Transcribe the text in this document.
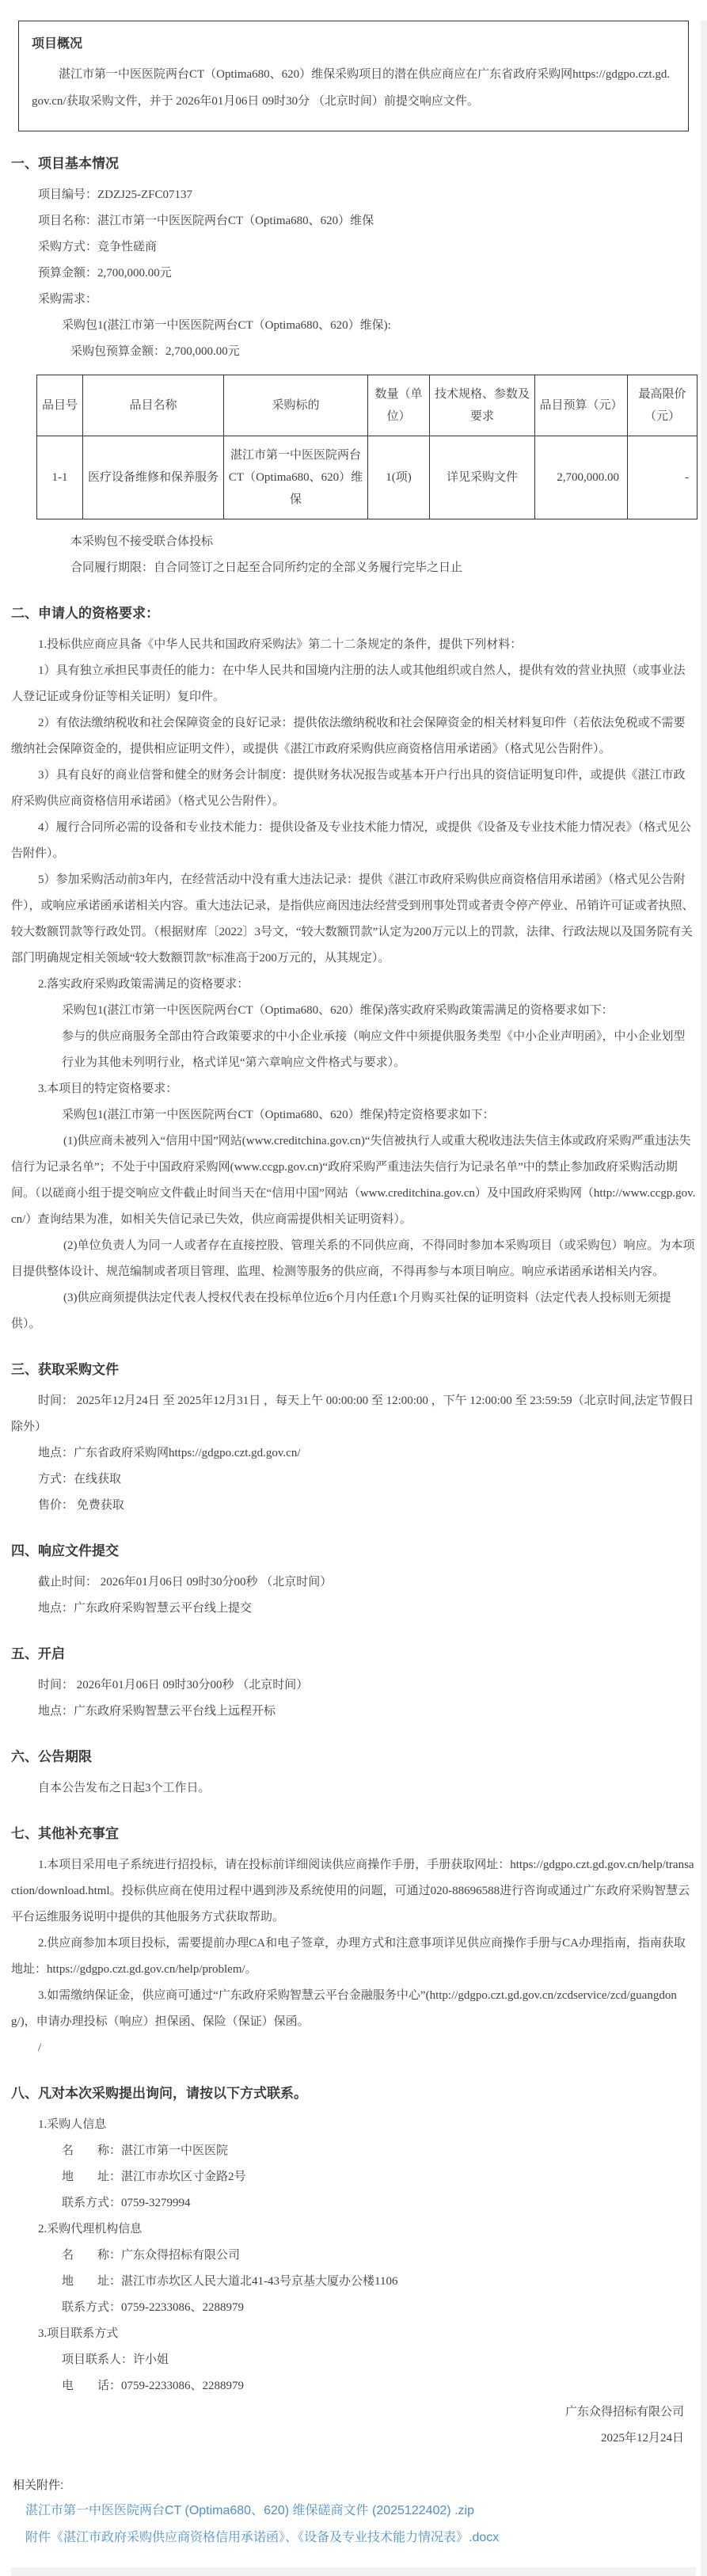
项目概况

湛江市第一中医医院两台CT（Optima680、620）维保采购项目的潜在供应商应在广东省政府采购网https://gdgpo.czt.gd.gov.cn/获取采购文件，并于 2026年01月06日 09时30分 （北京时间）前提交响应文件。

一、项目基本情况

项目编号：ZDZJ25-ZFC07137

项目名称：湛江市第一中医医院两台CT（Optima680、620）维保

采购方式：竞争性磋商

预算金额：2,700,000.00元

采购需求：

采购包1(湛江市第一中医医院两台CT（Optima680、620）维保):

采购包预算金额：2,700,000.00元

品目号	品目名称	采购标的	数量（单位）	技术规格、参数及要求	品目预算（元）	最高限价（元）
1-1	医疗设备维修和保养服务	湛江市第一中医医院两台CT（Optima680、620）维保	1(项)	详见采购文件	2,700,000.00	-

本采购包不接受联合体投标

合同履行期限：自合同签订之日起至合同所约定的全部义务履行完毕之日止

二、申请人的资格要求：

1.投标供应商应具备《中华人民共和国政府采购法》第二十二条规定的条件，提供下列材料：

1）具有独立承担民事责任的能力：在中华人民共和国境内注册的法人或其他组织或自然人，提供有效的营业执照（或事业法人登记证或身份证等相关证明）复印件。

2）有依法缴纳税收和社会保障资金的良好记录：提供依法缴纳税收和社会保障资金的相关材料复印件（若依法免税或不需要缴纳社会保障资金的，提供相应证明文件），或提供《湛江市政府采购供应商资格信用承诺函》（格式见公告附件）。

3）具有良好的商业信誉和健全的财务会计制度：提供财务状况报告或基本开户行出具的资信证明复印件，或提供《湛江市政府采购供应商资格信用承诺函》（格式见公告附件）。

4）履行合同所必需的设备和专业技术能力：提供设备及专业技术能力情况，或提供《设备及专业技术能力情况表》（格式见公告附件）。

5）参加采购活动前3年内，在经营活动中没有重大违法记录：提供《湛江市政府采购供应商资格信用承诺函》（格式见公告附件），或响应承诺函承诺相关内容。重大违法记录，是指供应商因违法经营受到刑事处罚或者责令停产停业、吊销许可证或者执照、较大数额罚款等行政处罚。（根据财库〔2022〕3号文，“较大数额罚款”认定为200万元以上的罚款，法律、行政法规以及国务院有关部门明确规定相关领域“较大数额罚款”标准高于200万元的，从其规定）。

2.落实政府采购政策需满足的资格要求：

采购包1(湛江市第一中医医院两台CT（Optima680、620）维保)落实政府采购政策需满足的资格要求如下：

参与的供应商服务全部由符合政策要求的中小企业承接（响应文件中须提供服务类型《中小企业声明函》，中小企业划型行业为其他未列明行业，格式详见“第六章响应文件格式与要求）。

3.本项目的特定资格要求：

采购包1(湛江市第一中医医院两台CT（Optima680、620）维保)特定资格要求如下：

(1)供应商未被列入“信用中国”网站(www.creditchina.gov.cn)“失信被执行人或重大税收违法失信主体或政府采购严重违法失信行为记录名单”；不处于中国政府采购网(www.ccgp.gov.cn)“政府采购严重违法失信行为记录名单”中的禁止参加政府采购活动期间。（以磋商小组于提交响应文件截止时间当天在“信用中国”网站（www.creditchina.gov.cn）及中国政府采购网（http://www.ccgp.gov.cn/）查询结果为准，如相关失信记录已失效，供应商需提供相关证明资料）。

(2)单位负责人为同一人或者存在直接控股、管理关系的不同供应商，不得同时参加本采购项目（或采购包）响应。为本项目提供整体设计、规范编制或者项目管理、监理、检测等服务的供应商，不得再参与本项目响应。响应承诺函承诺相关内容。

(3)供应商须提供法定代表人授权代表在投标单位近6个月内任意1个月购买社保的证明资料（法定代表人投标则无须提供）。

三、获取采购文件

时间： 2025年12月24日 至 2025年12月31日 ，每天上午 00:00:00 至 12:00:00 ，下午 12:00:00 至 23:59:59（北京时间,法定节假日除外）

地点：广东省政府采购网https://gdgpo.czt.gd.gov.cn/

方式：在线获取

售价： 免费获取

四、响应文件提交

截止时间： 2026年01月06日 09时30分00秒 （北京时间）

地点：广东政府采购智慧云平台线上提交

五、开启

时间： 2026年01月06日 09时30分00秒 （北京时间）

地点：广东政府采购智慧云平台线上远程开标

六、公告期限

自本公告发布之日起3个工作日。

七、其他补充事宜

1.本项目采用电子系统进行招投标，请在投标前详细阅读供应商操作手册，手册获取网址：https://gdgpo.czt.gd.gov.cn/help/transaction/download.html。投标供应商在使用过程中遇到涉及系统使用的问题，可通过020-88696588进行咨询或通过广东政府采购智慧云平台运维服务说明中提供的其他服务方式获取帮助。

2.供应商参加本项目投标，需要提前办理CA和电子签章，办理方式和注意事项详见供应商操作手册与CA办理指南，指南获取地址：https://gdgpo.czt.gd.gov.cn/help/problem/。

3.如需缴纳保证金，供应商可通过“广东政府采购智慧云平台金融服务中心”(http://gdgpo.czt.gd.gov.cn/zcdservice/zcd/guangdong/)，申请办理投标（响应）担保函、保险（保证）保函。

/

八、凡对本次采购提出询问，请按以下方式联系。

1.采购人信息

名　　称：湛江市第一中医医院

地　　址：湛江市赤坎区寸金路2号

联系方式：0759-3279994

2.采购代理机构信息

名　　称：广东众得招标有限公司

地　　址：湛江市赤坎区人民大道北41-43号京基大厦办公楼1106

联系方式：0759-2233086、2288979

3.项目联系方式

项目联系人：许小姐

电　　话：0759-2233086、2288979

广东众得招标有限公司

2025年12月24日

相关附件:
湛江市第一中医医院两台CT (Optima680、620) 维保磋商文件 (2025122402) .zip
附件《湛江市政府采购供应商资格信用承诺函》、《设备及专业技术能力情况表》.docx
